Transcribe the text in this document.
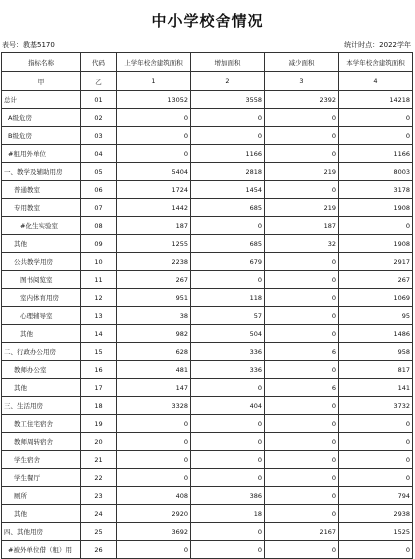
中小学校舍情况
表号：教基5170	统计时点：2022学年
指标名称	代码	上学年校舍建筑面积	增加面积	减少面积	本学年校舍建筑面积
甲	乙	1	2	3	4
总计	01	13052	3558	2392	14218
A级危房	02	0	0	0	0
B级危房	03	0	0	0	0
#租用外单位	04	0	1166	0	1166
一、教学及辅助用房	05	5404	2818	219	8003
普通教室	06	1724	1454	0	3178
专用教室	07	1442	685	219	1908
#化生实验室	08	187	0	187	0
其他	09	1255	685	32	1908
公共教学用房	10	2238	679	0	2917
图书阅览室	11	267	0	0	267
室内体育用房	12	951	118	0	1069
心理辅导室	13	38	57	0	95
其他	14	982	504	0	1486
二、行政办公用房	15	628	336	6	958
教师办公室	16	481	336	0	817
其他	17	147	0	6	141
三、生活用房	18	3328	404	0	3732
教工住宅宿舍	19	0	0	0	0
教师周转宿舍	20	0	0	0	0
学生宿舍	21	0	0	0	0
学生餐厅	22	0	0	0	0
厕所	23	408	386	0	794
其他	24	2920	18	0	2938
四、其他用房	25	3692	0	2167	1525
#被外单位借（租）用	26	0	0	0	0
